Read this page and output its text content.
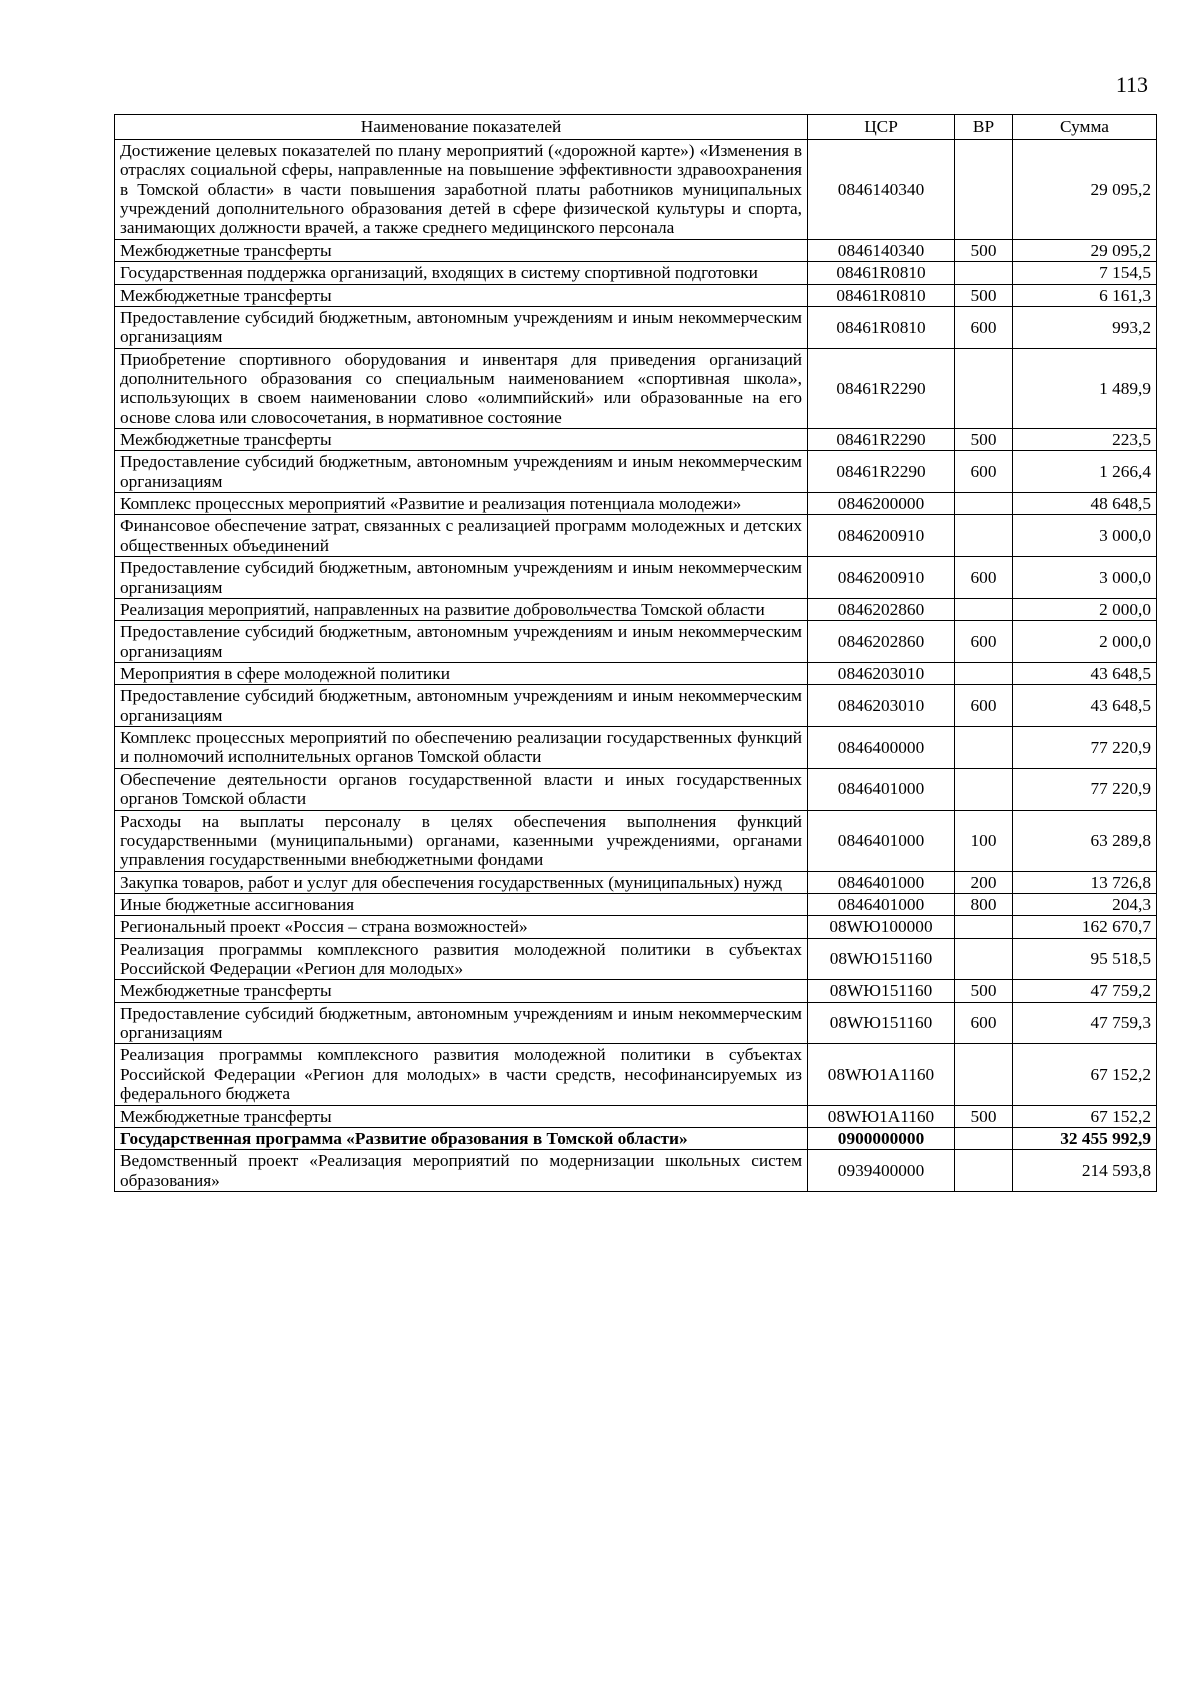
113
Наименование показателей	ЦСР	ВР	Сумма
Достижение целевых показателей по плану мероприятий («дорожной карте») «Изменения в отраслях социальной сферы, направленные на повышение эффективности здравоохранения в Томской области» в части повышения заработной платы работников муниципальных учреждений дополнительного образования детей в сфере физической культуры и спорта, занимающих должности врачей, а также среднего медицинского персонала	0846140340		29 095,2
Межбюджетные трансферты	0846140340	500	29 095,2
Государственная поддержка организаций, входящих в систему спортивной подготовки	08461R0810		7 154,5
Межбюджетные трансферты	08461R0810	500	6 161,3
Предоставление субсидий бюджетным, автономным учреждениям и иным некоммерческим организациям	08461R0810	600	993,2
Приобретение спортивного оборудования и инвентаря для приведения организаций дополнительного образования со специальным наименованием «спортивная школа», использующих в своем наименовании слово «олимпийский» или образованные на его основе слова или словосочетания, в нормативное состояние	08461R2290		1 489,9
Межбюджетные трансферты	08461R2290	500	223,5
Предоставление субсидий бюджетным, автономным учреждениям и иным некоммерческим организациям	08461R2290	600	1 266,4
Комплекс процессных мероприятий «Развитие и реализация потенциала молодежи»	0846200000		48 648,5
Финансовое обеспечение затрат, связанных с реализацией программ молодежных и детских общественных объединений	0846200910		3 000,0
Предоставление субсидий бюджетным, автономным учреждениям и иным некоммерческим организациям	0846200910	600	3 000,0
Реализация мероприятий, направленных на развитие добровольчества Томской области	0846202860		2 000,0
Предоставление субсидий бюджетным, автономным учреждениям и иным некоммерческим организациям	0846202860	600	2 000,0
Мероприятия в сфере молодежной политики	0846203010		43 648,5
Предоставление субсидий бюджетным, автономным учреждениям и иным некоммерческим организациям	0846203010	600	43 648,5
Комплекс процессных мероприятий по обеспечению реализации государственных функций и полномочий исполнительных органов Томской области	0846400000		77 220,9
Обеспечение деятельности органов государственной власти и иных государственных органов Томской области	0846401000		77 220,9
Расходы на выплаты персоналу в целях обеспечения выполнения функций государственными (муниципальными) органами, казенными учреждениями, органами управления государственными внебюджетными фондами	0846401000	100	63 289,8
Закупка товаров, работ и услуг для обеспечения государственных (муниципальных) нужд	0846401000	200	13 726,8
Иные бюджетные ассигнования	0846401000	800	204,3
Региональный проект «Россия – страна возможностей»	08WЮ100000		162 670,7
Реализация программы комплексного развития молодежной политики в субъектах Российской Федерации «Регион для молодых»	08WЮ151160		95 518,5
Межбюджетные трансферты	08WЮ151160	500	47 759,2
Предоставление субсидий бюджетным, автономным учреждениям и иным некоммерческим организациям	08WЮ151160	600	47 759,3
Реализация программы комплексного развития молодежной политики в субъектах Российской Федерации «Регион для молодых» в части средств, несофинансируемых из федерального бюджета	08WЮ1А1160		67 152,2
Межбюджетные трансферты	08WЮ1А1160	500	67 152,2
Государственная программа «Развитие образования в Томской области»	0900000000		32 455 992,9
Ведомственный проект «Реализация мероприятий по модернизации школьных систем образования»	0939400000		214 593,8
